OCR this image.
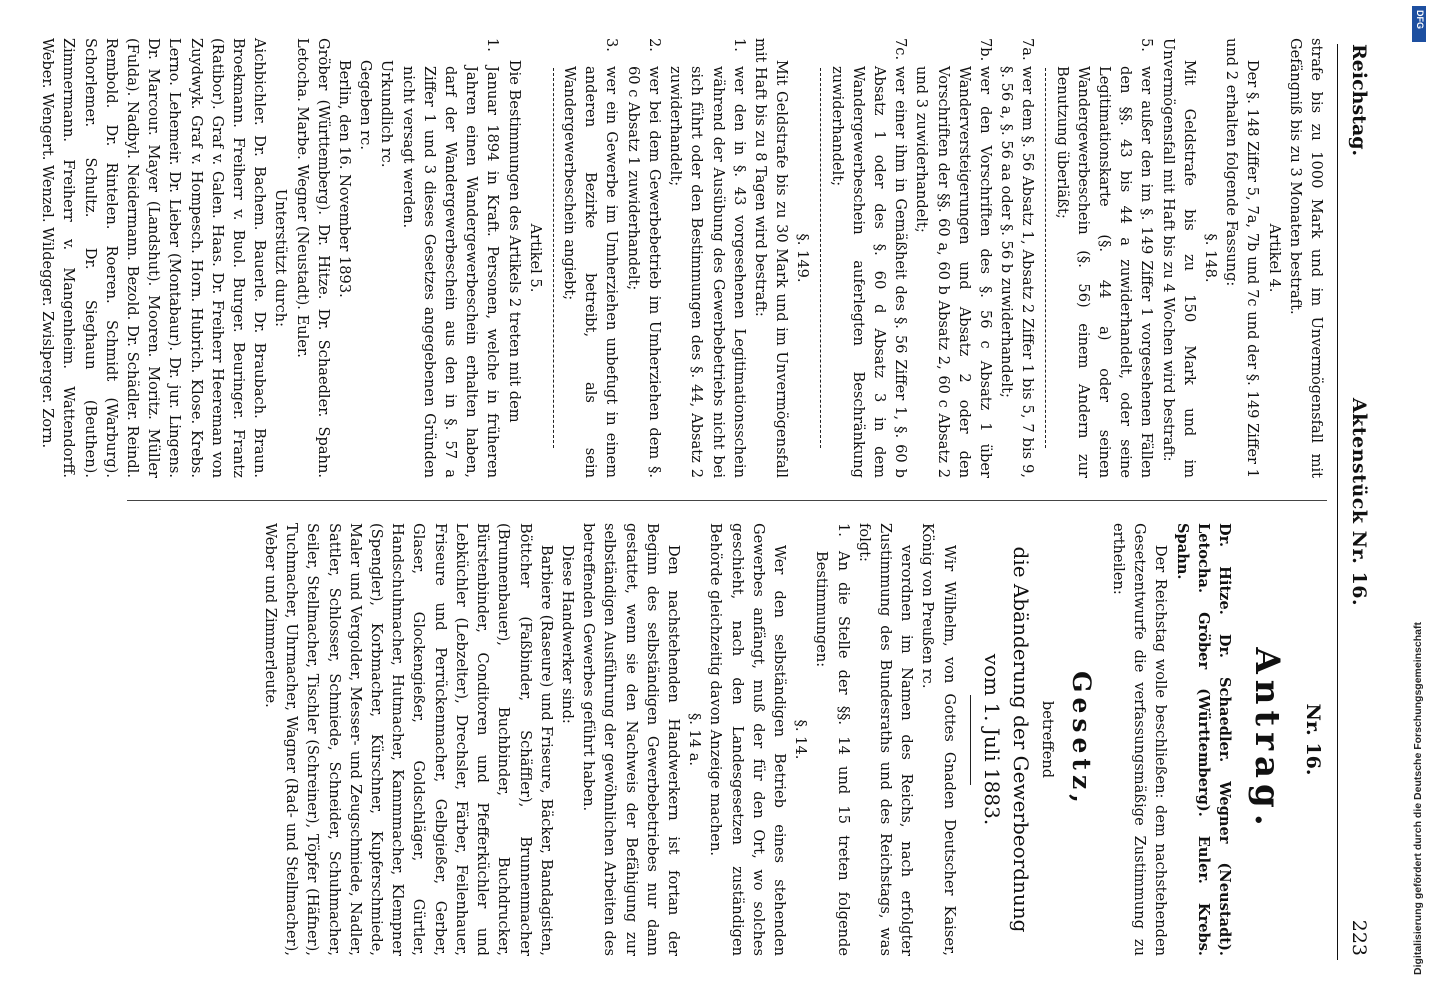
Reichstag.
Aktenstück Nr. 16.
223
strafe bis zu 1000 Mark und im Unvermögensfall mit Gefängniß bis zu 3 Monaten bestraft.
Artikel 4.
Der §. 148 Ziffer 5, 7a, 7b und 7c und der §. 149 Ziffer 1 und 2 erhalten folgende Fassung:
§. 148.
Mit Geldstrafe bis zu 150 Mark und im Unvermögensfall mit Haft bis zu 4 Wochen wird bestraft:
5.
wer außer den im §. 149 Ziffer 1 vorgesehenen Fällen den §§. 43 bis 44 a zuwiderhandelt, oder seine Legitimationskarte (§. 44 a) oder seinen Wandergewerbeschein (§. 56) einem Andern zur Benutzung überläßt;
7a.
wer dem §. 56 Absatz 1, Absatz 2 Ziffer 1 bis 5, 7 bis 9, §. 56 a, §. 56 aa oder §. 56 b zuwiderhandelt;
7b.
wer den Vorschriften des §. 56 c Absatz 1 über Wanderversteigerungen und Absatz 2 oder den Vorschriften der §§. 60 a, 60 b Absatz 2, 60 c Absatz 2 und 3 zuwiderhandelt;
7c.
wer einer ihm in Gemäßheit des §. 56 Ziffer 1, §. 60 b Absatz 1 oder des §. 60 d Absatz 3 in dem Wandergewerbeschein auferlegten Beschränkung zuwiderhandelt;
§. 149.
Mit Geldstrafe bis zu 30 Mark und im Unvermögensfall mit Haft bis zu 8 Tagen wird bestraft:
1.
wer den in §. 43 vorgesehenen Legitimationsschein während der Ausübung des Gewerbebetriebs nicht bei sich führt oder den Bestimmungen des §. 44, Absatz 2 zuwiderhandelt;
2.
wer bei dem Gewerbebetrieb im Umherziehen dem §. 60 c Absatz 1 zuwiderhandelt;
3.
wer ein Gewerbe im Umherziehen unbefugt in einem anderen Bezirke betreibt, als sein Wandergewerbeschein angiebt;
Artikel 5.
Die Bestimmungen des Artikels 2 treten mit dem
1.
Januar 1894 in Kraft. Personen, welche in früheren Jahren einen Wandergewerbeschein erhalten haben, darf der Wandergewerbeschein aus den in §. 57 a Ziffer 1 und 3 dieses Gesetzes angegebenen Gründen nicht versagt werden.
Urkundlich rc.
Gegeben rc.
Berlin, den 16. November 1893.
Gröber (Württemberg). Dr. Hitze. Dr. Schaedler. Spahn. Letocha. Marbe. Wegner (Neustadt). Euler.
Unterstützt durch:
Aichbichler. Dr. Bachem. Bauerle. Dr. Braubach. Braun. Broekmann. Freiherr v. Buol. Burger. Beuringer. Frantz (Ratibor). Graf v. Galen. Haas. Dr. Freiherr Heereman von Zuydwyk. Graf v. Hompesch. Horn. Hubrich. Klose. Krebs. Lerno. Lehemeir. Dr. Lieber (Montabaur). Dr. jur. Lingens. Dr. Marcour. Mayer (Landshut). Mooren. Moritz. Müller (Fulda). Nadbyl. Neidermann. Bezold. Dr. Schädler. Reindl. Rembold. Dr. Rintelen. Roeren. Schmidt (Warburg). Schorlemer. Schultz. Dr. Sieghaun (Beuthen). Zimmermann. Freiherr v. Mangenheim. Wattendorff. Weber. Wengert. Wenzel. Wildegger. Zwislperger. Zorn.
Nr. 16.
Antrag.
Dr. Hitze. Dr. Schaedler. Wegner (Neustadt). Letocha. Gröber (Württemberg). Euler. Krebs. Spahn.
Der Reichstag wolle beschließen: dem nachstehenden Gesetzentwurfe die verfassungsmäßige Zustimmung zu ertheilen:
Gesetz,
betreffend
die Abänderung der Gewerbeordnung
vom 1. Juli 1883.
Wir Wilhelm, von Gottes Gnaden Deutscher Kaiser, König von Preußen rc.
verordnen im Namen des Reichs, nach erfolgter Zustimmung des Bundesraths und des Reichstags, was folgt:
1.
An die Stelle der §§. 14 und 15 treten folgende Bestimmungen:
§. 14.
Wer den selbständigen Betrieb eines stehenden Gewerbes anfängt, muß der für den Ort, wo solches geschieht, nach den Landesgesetzen zuständigen Behörde gleichzeitig davon Anzeige machen.
§. 14 a.
Den nachstehenden Handwerkern ist fortan der Beginn des selbständigen Gewerbebetriebes nur dann gestattet, wenn sie den Nachweis der Befähigung zur selbständigen Ausführung der gewöhnlichen Arbeiten des betreffenden Gewerbes geführt haben.
Diese Handwerker sind:
Barbiere (Raseure) und Friseure, Bäcker, Bandagisten, Böttcher (Faßbinder, Schäffler), Brunnenmacher (Brunnenbauer), Buchbinder, Buchdrucker, Bürstenbinder, Conditoren und Pfefferküchler und Lebküchler (Lebzelter), Drechsler, Färber, Feilenhauer, Friseure und Perrückenmacher, Gelbgießer, Gerber, Glaser, Glockengießer, Goldschläger, Gürtler, Handschuhmacher, Hutmacher, Kammmacher, Klempner (Spengler), Korbmacher, Kürschner, Kupferschmiede, Maler und Vergolder, Messer- und Zeugschmiede, Nadler, Sattler, Schlosser, Schmiede, Schneider, Schuhmacher, Seiler, Stellmacher, Tischler (Schreiner), Töpfer (Häfner), Tuchmacher, Uhrmacher, Wagner (Rad- und Stellmacher), Weber und Zimmerleute.
DFG
Digitalisierung gefördert durch die Deutsche Forschungsgemeinschaft
